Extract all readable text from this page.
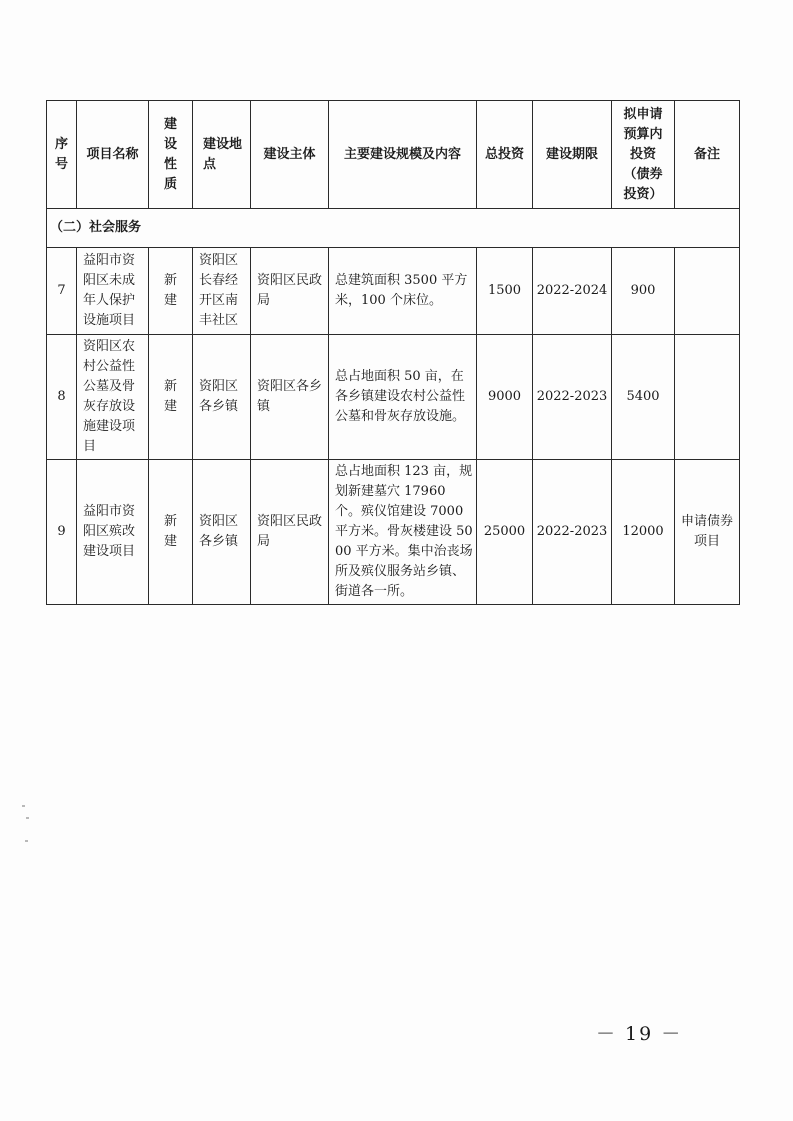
序号	项目名称	建设性质	建设地点	建设主体	主要建设规模及内容	总投资	建设期限	拟申请预算内投资（债券投资）	备注
（二）社会服务									
7	益阳市资阳区未成年人保护设施项目	新建	资阳区长春经开区南丰社区	资阳区民政局	总建筑面积 3500 平方米，100 个床位。	1500	2022-2024	900	
8	资阳区农村公益性公墓及骨灰存放设施建设项目	新建	资阳区各乡镇	资阳区各乡镇	总占地面积 50 亩，在各乡镇建设农村公益性公墓和骨灰存放设施。	9000	2022-2023	5400	
9	益阳市资阳区殡改建设项目	新建	资阳区各乡镇	资阳区民政局	总占地面积 123 亩，规划新建墓穴 17960 个。殡仪馆建设 7000 平方米。骨灰楼建设 5000 平方米。集中治丧场所及殡仪服务站乡镇、街道各一所。	25000	2022-2023	12000	申请债券项目
－ 19 －
